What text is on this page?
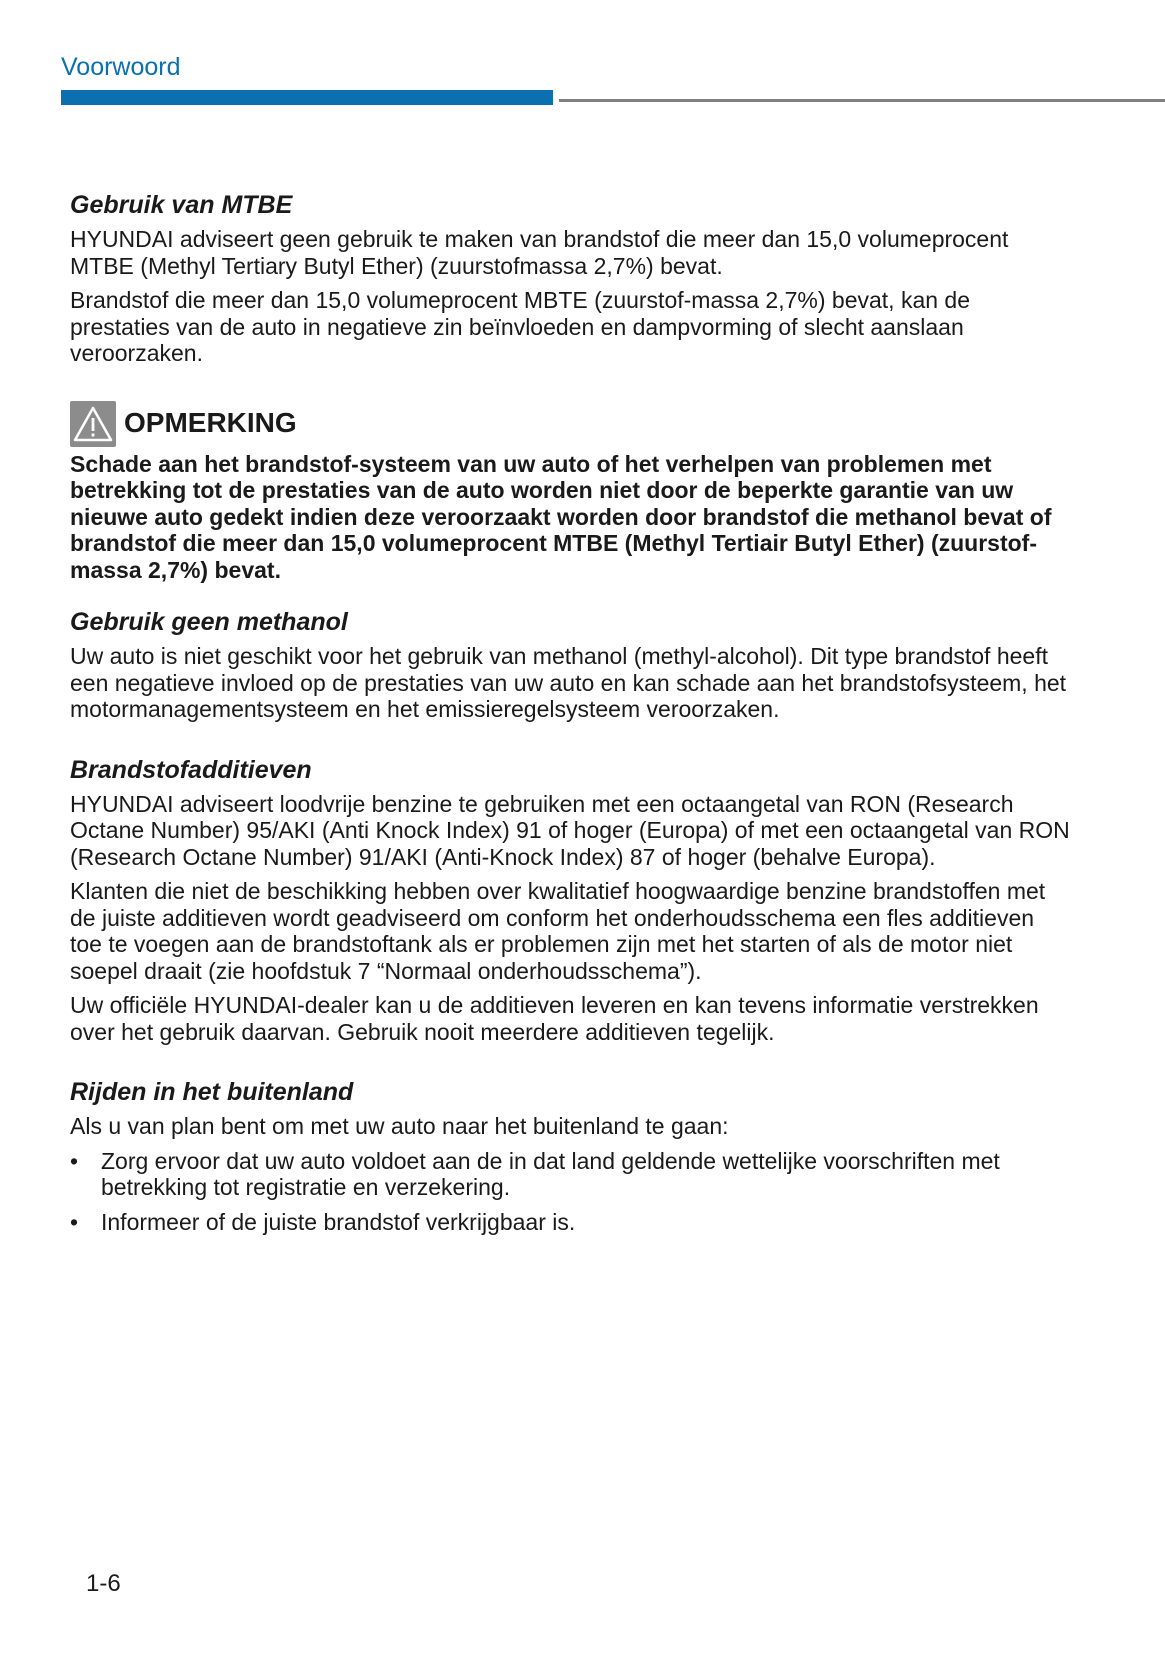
Voorwoord
Gebruik van MTBE

HYUNDAI adviseert geen gebruik te maken van brandstof die meer dan 15,0 volumeprocent MTBE (Methyl Tertiary Butyl Ether) (zuurstofmassa 2,7%) bevat.

Brandstof die meer dan 15,0 volumeprocent MBTE (zuurstof-massa 2,7%) bevat, kan de prestaties van de auto in negatieve zin beïnvloeden en dampvorming of slecht aanslaan veroorzaken.

OPMERKING

Schade aan het brandstof-systeem van uw auto of het verhelpen van problemen met betrekking tot de prestaties van de auto worden niet door de beperkte garantie van uw nieuwe auto gedekt indien deze veroorzaakt worden door brandstof die methanol bevat of brandstof die meer dan 15,0 volumeprocent MTBE (Methyl Tertiair Butyl Ether) (zuurstof-massa 2,7%) bevat.

Gebruik geen methanol

Uw auto is niet geschikt voor het gebruik van methanol (methyl-alcohol). Dit type brandstof heeft een negatieve invloed op de prestaties van uw auto en kan schade aan het brandstofsysteem, het motormanagementsysteem en het emissieregelsysteem veroorzaken.

Brandstofadditieven

HYUNDAI adviseert loodvrije benzine te gebruiken met een octaangetal van RON (Research Octane Number) 95/AKI (Anti Knock Index) 91 of hoger (Europa) of met een octaangetal van RON (Research Octane Number) 91/AKI (Anti-Knock Index) 87 of hoger (behalve Europa).

Klanten die niet de beschikking hebben over kwalitatief hoogwaardige benzine brandstoffen met de juiste additieven wordt geadviseerd om conform het onderhoudsschema een fles additieven toe te voegen aan de brandstoftank als er problemen zijn met het starten of als de motor niet soepel draait (zie hoofdstuk 7 “Normaal onderhoudsschema”).

Uw officiële HYUNDAI-dealer kan u de additieven leveren en kan tevens informatie verstrekken over het gebruik daarvan. Gebruik nooit meerdere additieven tegelijk.

Rijden in het buitenland

Als u van plan bent om met uw auto naar het buitenland te gaan:

• Zorg ervoor dat uw auto voldoet aan de in dat land geldende wettelijke voorschriften met betrekking tot registratie en verzekering.
• Informeer of de juiste brandstof verkrijgbaar is.
1-6
